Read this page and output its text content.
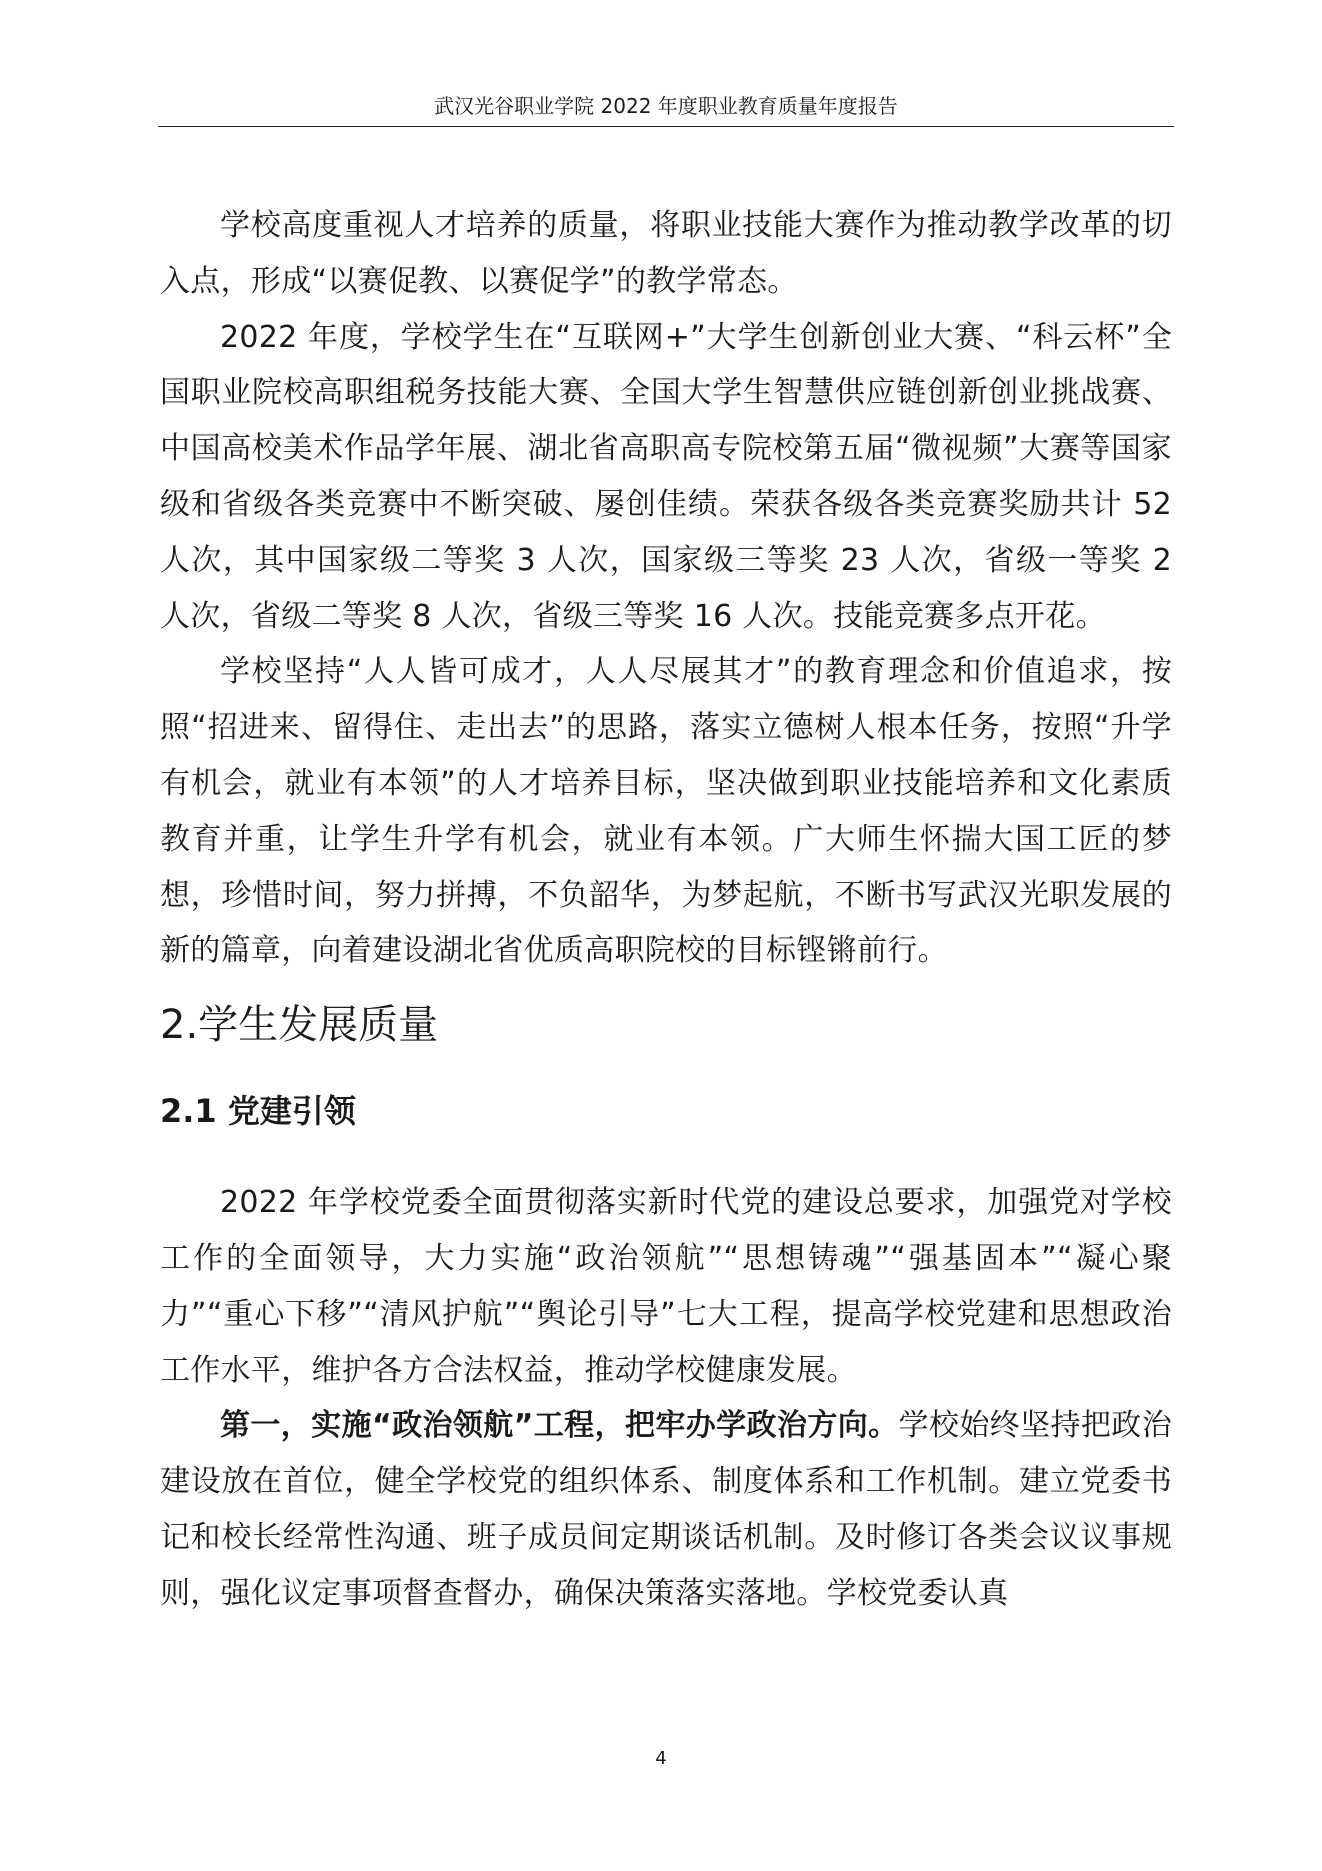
武汉光谷职业学院 2022 年度职业教育质量年度报告

学校高度重视人才培养的质量，将职业技能大赛作为推动教学改革的切入点，形成“以赛促教、以赛促学”的教学常态。

2022 年度，学校学生在“互联网+”大学生创新创业大赛、“科云杯”全国职业院校高职组税务技能大赛、全国大学生智慧供应链创新创业挑战赛、中国高校美术作品学年展、湖北省高职高专院校第五届“微视频”大赛等国家级和省级各类竞赛中不断突破、屡创佳绩。荣获各级各类竞赛奖励共计 52 人次，其中国家级二等奖 3 人次，国家级三等奖 23 人次，省级一等奖 2 人次，省级二等奖 8 人次，省级三等奖 16 人次。技能竞赛多点开花。

学校坚持“人人皆可成才，人人尽展其才”的教育理念和价值追求，按照“招进来、留得住、走出去”的思路，落实立德树人根本任务，按照“升学有机会，就业有本领”的人才培养目标，坚决做到职业技能培养和文化素质教育并重，让学生升学有机会，就业有本领。广大师生怀揣大国工匠的梦想，珍惜时间，努力拼搏，不负韶华，为梦起航，不断书写武汉光职发展的新的篇章，向着建设湖北省优质高职院校的目标铿锵前行。

2.学生发展质量
2.1 党建引领

2022 年学校党委全面贯彻落实新时代党的建设总要求，加强党对学校工作的全面领导，大力实施“政治领航”“思想铸魂”“强基固本”“凝心聚力”“重心下移”“清风护航”“舆论引导”七大工程，提高学校党建和思想政治工作水平，维护各方合法权益，推动学校健康发展。

第一，实施“政治领航”工程，把牢办学政治方向。学校始终坚持把政治建设放在首位，健全学校党的组织体系、制度体系和工作机制。建立党委书记和校长经常性沟通、班子成员间定期谈话机制。及时修订各类会议议事规则，强化议定事项督查督办，确保决策落实落地。学校党委认真

4
